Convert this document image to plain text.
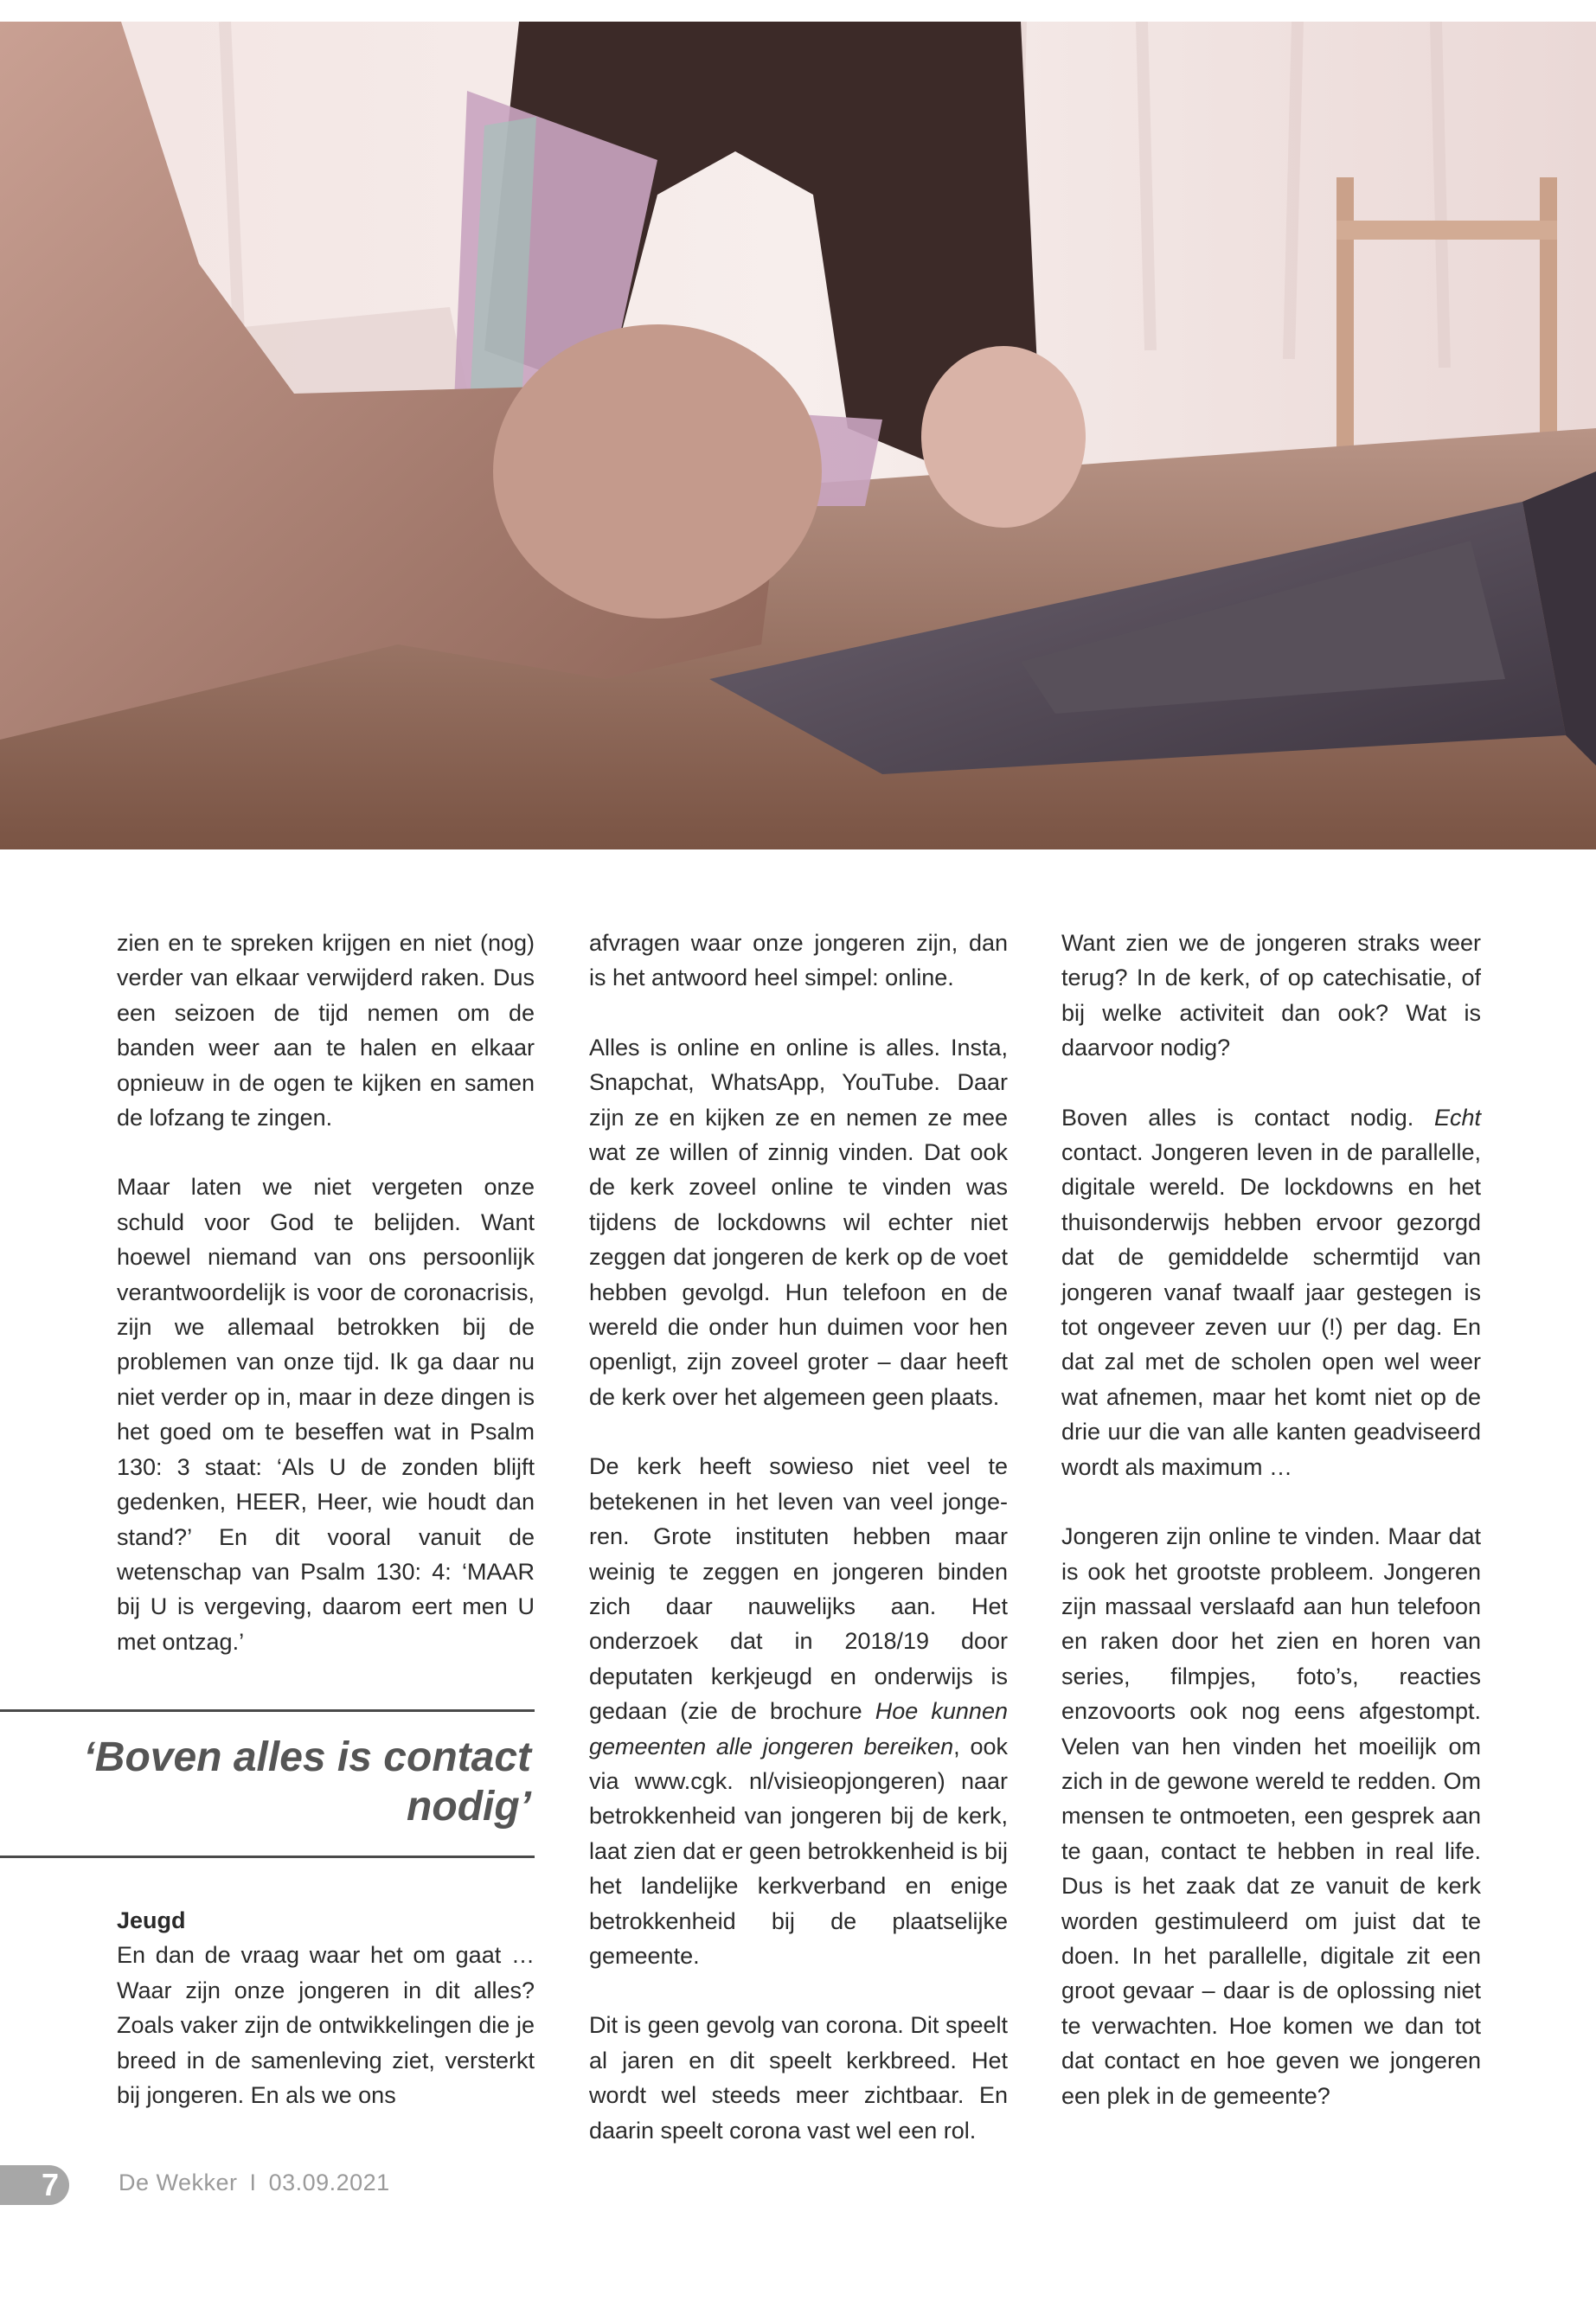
zien en te spreken krijgen en niet (nog) verder van elkaar verwijderd raken. Dus een seizoen de tijd nemen om de banden weer aan te halen en elkaar opnieuw in de ogen te kijken en samen de lofzang te zingen.

Maar laten we niet vergeten onze schuld voor God te belijden. Want hoewel niemand van ons persoonlijk verantwoordelijk is voor de coronacrisis, zijn we allemaal betrokken bij de problemen van onze tijd. Ik ga daar nu niet verder op in, maar in deze dingen is het goed om te beseffen wat in Psalm 130: 3 staat: ‘Als U de zonden blijft gedenken, HEER, Heer, wie houdt dan stand?’ En dit vooral vanuit de wetenschap van Psalm 130: 4: ‘MAAR bij U is vergeving, daarom eert men U met ontzag.’

‘Boven alles is contact nodig’
Jeugd
En dan de vraag waar het om gaat … Waar zijn onze jongeren in dit alles? Zoals vaker zijn de ontwikkelingen die je breed in de samenleving ziet, versterkt bij jongeren. En als we ons

afvragen waar onze jongeren zijn, dan is het antwoord heel simpel: online.

Alles is online en online is alles. Insta, Snapchat, WhatsApp, YouTube. Daar zijn ze en kijken ze en nemen ze mee wat ze willen of zinnig vinden. Dat ook de kerk zoveel online te vinden was tijdens de lockdowns wil echter niet zeggen dat jongeren de kerk op de voet hebben gevolgd. Hun telefoon en de wereld die onder hun duimen voor hen openligt, zijn zoveel groter – daar heeft de kerk over het algemeen geen plaats.

De kerk heeft sowieso niet veel te betekenen in het leven van veel jongeren. Grote instituten hebben maar weinig te zeggen en jongeren binden zich daar nauwelijks aan. Het onderzoek dat in 2018/19 door deputaten kerkjeugd en onderwijs is gedaan (zie de brochure Hoe kunnen gemeenten alle jongeren bereiken, ook via www.cgk. nl/visieopjongeren) naar betrokkenheid van jongeren bij de kerk, laat zien dat er geen betrokkenheid is bij het landelijke kerkverband en enige betrokkenheid bij de plaatselijke gemeente.

Dit is geen gevolg van corona. Dit speelt al jaren en dit speelt kerkbreed. Het wordt wel steeds meer zichtbaar. En daarin speelt corona vast wel een rol.

Want zien we de jongeren straks weer terug? In de kerk, of op catechisatie, of bij welke activiteit dan ook? Wat is daarvoor nodig?

Boven alles is contact nodig. Echt contact. Jongeren leven in de parallelle, digitale wereld. De lockdowns en het thuisonderwijs hebben ervoor gezorgd dat de gemiddelde schermtijd van jongeren vanaf twaalf jaar gestegen is tot ongeveer zeven uur (!) per dag. En dat zal met de scholen open wel weer wat afnemen, maar het komt niet op de drie uur die van alle kanten geadviseerd wordt als maximum …

Jongeren zijn online te vinden. Maar dat is ook het grootste probleem. Jongeren zijn massaal verslaafd aan hun telefoon en raken door het zien en horen van series, filmpjes, foto’s, reacties enzovoorts ook nog eens afgestompt. Velen van hen vinden het moeilijk om zich in de gewone wereld te redden. Om mensen te ontmoeten, een gesprek aan te gaan, contact te hebben in real life. Dus is het zaak dat ze vanuit de kerk worden gestimuleerd om juist dat te doen. In het parallelle, digitale zit een groot gevaar – daar is de oplossing niet te verwachten. Hoe komen we dan tot dat contact en hoe geven we jongeren een plek in de gemeente?

7	De Wekker I 03.09.2021
